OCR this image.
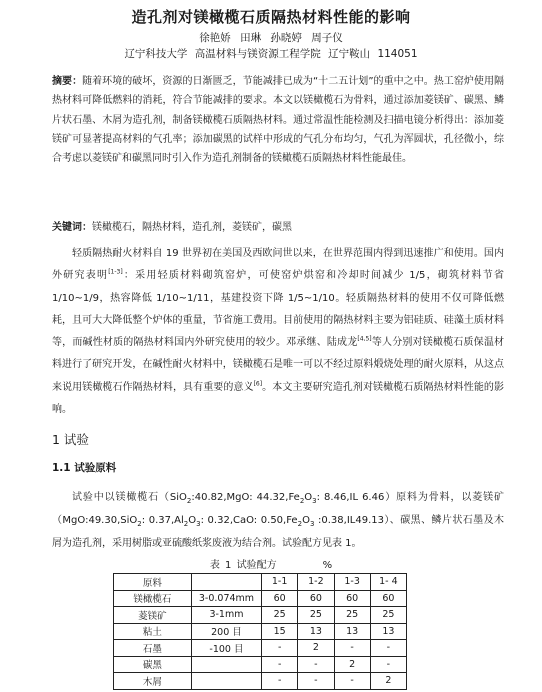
造孔剂对镁橄榄石质隔热材料性能的影响
徐艳娇 田琳 孙晓婷 周子仪
辽宁科技大学 高温材料与镁资源工程学院 辽宁鞍山 114051
摘要：随着环境的破坏，资源的日渐匮乏，节能减排已成为“十二五计划”的重中之中。热工窑炉使用隔热材料可降低燃料的消耗，符合节能减排的要求。本文以镁橄榄石为骨料，通过添加菱镁矿、碳黑、鳞片状石墨、木屑为造孔剂，制备镁橄榄石质隔热材料。通过常温性能检测及扫描电镜分析得出：添加菱镁矿可显著提高材料的气孔率；添加碳黑的试样中形成的气孔分布均匀，气孔为浑圆状，孔径微小，综合考虑以菱镁矿和碳黑同时引入作为造孔剂制备的镁橄榄石质隔热材料性能最佳。
关键词：镁橄榄石，隔热材料，造孔剂，菱镁矿，碳黑
轻质隔热耐火材料自 19 世界初在美国及西欧问世以来，在世界范围内得到迅速推广和使用。国内外研究表明[1-3]：采用轻质材料砌筑窑炉，可使窑炉烘窑和冷却时间减少 1/5，砌筑材料节省 1/10~1/9，热容降低 1/10~1/11，基建投资下降 1/5~1/10。轻质隔热材料的使用不仅可降低燃耗，且可大大降低整个炉体的重量，节省施工费用。目前使用的隔热材料主要为铝硅质、硅藻土质材料等，而碱性材质的隔热材料国内外研究使用的较少。邓承继、陆成龙[4,5]等人分别对镁橄榄石质保温材料进行了研究开发，在碱性耐火材料中，镁橄榄石是唯一可以不经过原料煅烧处理的耐火原料，从这点来说用镁橄榄石作隔热材料，具有重要的意义[6]。本文主要研究造孔剂对镁橄榄石质隔热材料性能的影响。
1 试验
1.1 试验原料
试验中以镁橄榄石（SiO$_2$:40.82,MgO: $44.32,Fe_2O_3$: 8.46,IL 6.46）原料为骨料，以菱镁矿（MgO:49.30,SiO$_2$: $0.37,Al_2O_3$: 0.32,CaO: $0.50,Fe_2O_3$ :0.38,IL49.13）、碳黑、鳞片状石墨及木屑为造孔剂，采用树脂或亚硫酸纸浆废液为结合剂。试验配方见表 1。
表 1 试验配方	%
原料		1-1	1-2	1-3	1- 4
镁橄榄石	3-0.074mm	60	60	60	60
菱镁矿	3-1mm	25	25	25	25
粘土	200 目	15	13	13	13
石墨	-100 目	-	2	-	-
碳黑		-	-	2	-
木屑		-	-	-	2
